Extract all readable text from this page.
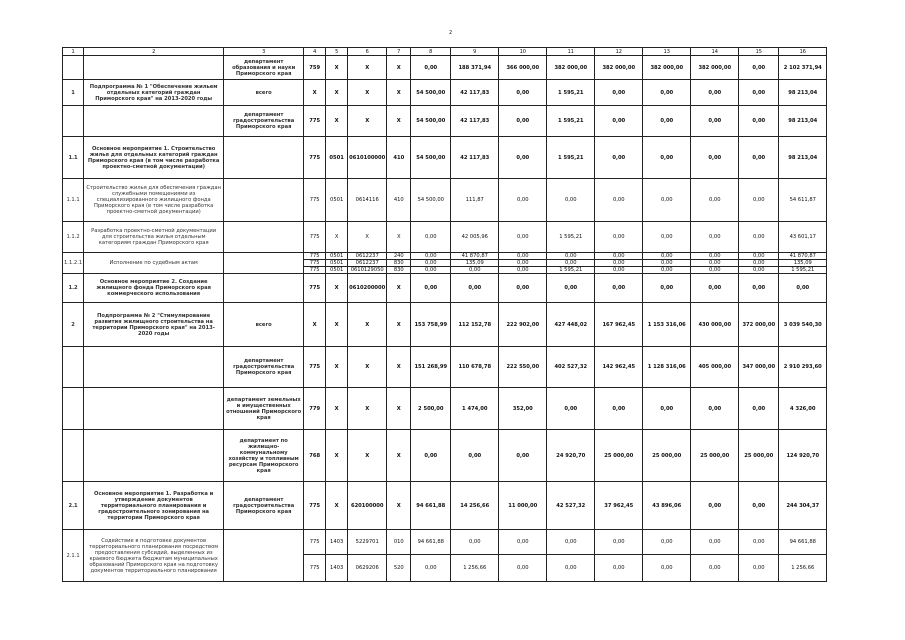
2
1	2	3	4	5	6	7	8	9	10	11	12	13	14	15	16
		департамент образования и науки Приморского края	759	X	X	X	0,00	188 371,94	366 000,00	382 000,00	382 000,00	382 000,00	382 000,00	0,00	2 102 371,94
1	Подпрограмма № 1 "Обеспечение жильем отдельных категорий граждан Приморского края" на 2013-2020 годы	всего	X	X	X	X	54 500,00	42 117,83	0,00	1 595,21	0,00	0,00	0,00	0,00	98 213,04
		департамент градостроительства Приморского края	775	X	X	X	54 500,00	42 117,83	0,00	1 595,21	0,00	0,00	0,00	0,00	98 213,04
1.1	Основное мероприятие 1. Строительство жилья для отдельных категорий граждан Приморского края (в том числе разработка проектно-сметной документации)		775	0501	0610100000	410	54 500,00	42 117,83	0,00	1 595,21	0,00	0,00	0,00	0,00	98 213,04
1.1.1	Строительство жилья для обеспечения граждан служебными помещениями из специализированного жилищного фонда Приморского края (в том числе разработка проектно-сметной документации)		775	0501	0614116	410	54 500,00	111,87	0,00	0,00	0,00	0,00	0,00	0,00	54 611,87
1.1.2	Разработка проектно-сметной документации для строительства жилья отдельным категориям граждан Приморского края		775	X	X	X	0,00	42 005,96	0,00	1 595,21	0,00	0,00	0,00	0,00	43 601,17
1.1.2.1	Исполнение по судебным актам		775	0501	0612237	240	0,00	41 870,87	0,00	0,00	0,00	0,00	0,00	0,00	41 870,87
			775	0501	0612237	830	0,00	135,09	0,00	0,00	0,00	0,00	0,00	0,00	135,09
			775	0501	0610129050	830	0,00	0,00	0,00	1 595,21	0,00	0,00	0,00	0,00	1 595,21
1.2	Основное мероприятие 2. Создание жилищного фонда Приморского края коммерческого использования		775	X	0610200000	X	0,00	0,00	0,00	0,00	0,00	0,00	0,00	0,00	0,00
2	Подпрограмма № 2 "Стимулирование развития жилищного строительства на территории Приморского края" на 2013-2020 годы	всего	X	X	X	X	153 758,99	112 152,78	222 902,00	427 448,02	167 962,45	1 153 316,06	430 000,00	372 000,00	3 039 540,30
		департамент градостроительства Приморского края	775	X	X	X	151 268,99	110 678,78	222 550,00	402 527,32	142 962,45	1 128 316,06	405 000,00	347 000,00	2 910 293,60
		департамент земельных и имущественных отношений Приморского края	779	X	X	X	2 500,00	1 474,00	352,00	0,00	0,00	0,00	0,00	0,00	4 326,00
		департамент по жилищно-коммунальному хозяйству и топливным ресурсам Приморского края	768	X	X	X	0,00	0,00	0,00	24 920,70	25 000,00	25 000,00	25 000,00	25 000,00	124 920,70
2.1	Основное мероприятие 1. Разработка и утверждение документов территориального планирования и градостроительного зонирования на территории Приморского края	департамент градостроительства Приморского края	775	X	620100000	X	94 661,88	14 256,66	11 000,00	42 527,32	37 962,45	43 896,06	0,00	0,00	244 304,37
2.1.1	Содействие в подготовке документов территориального планирования посредством предоставления субсидий, выделенных из краевого бюджета бюджетам муниципальных образований Приморского края на подготовку документов территориального планирования		775	1403	5229701	010	94 661,88	0,00	0,00	0,00	0,00	0,00	0,00	0,00	94 661,88
			775	1403	0629206	520	0,00	1 256,66	0,00	0,00	0,00	0,00	0,00	0,00	1 256,66
